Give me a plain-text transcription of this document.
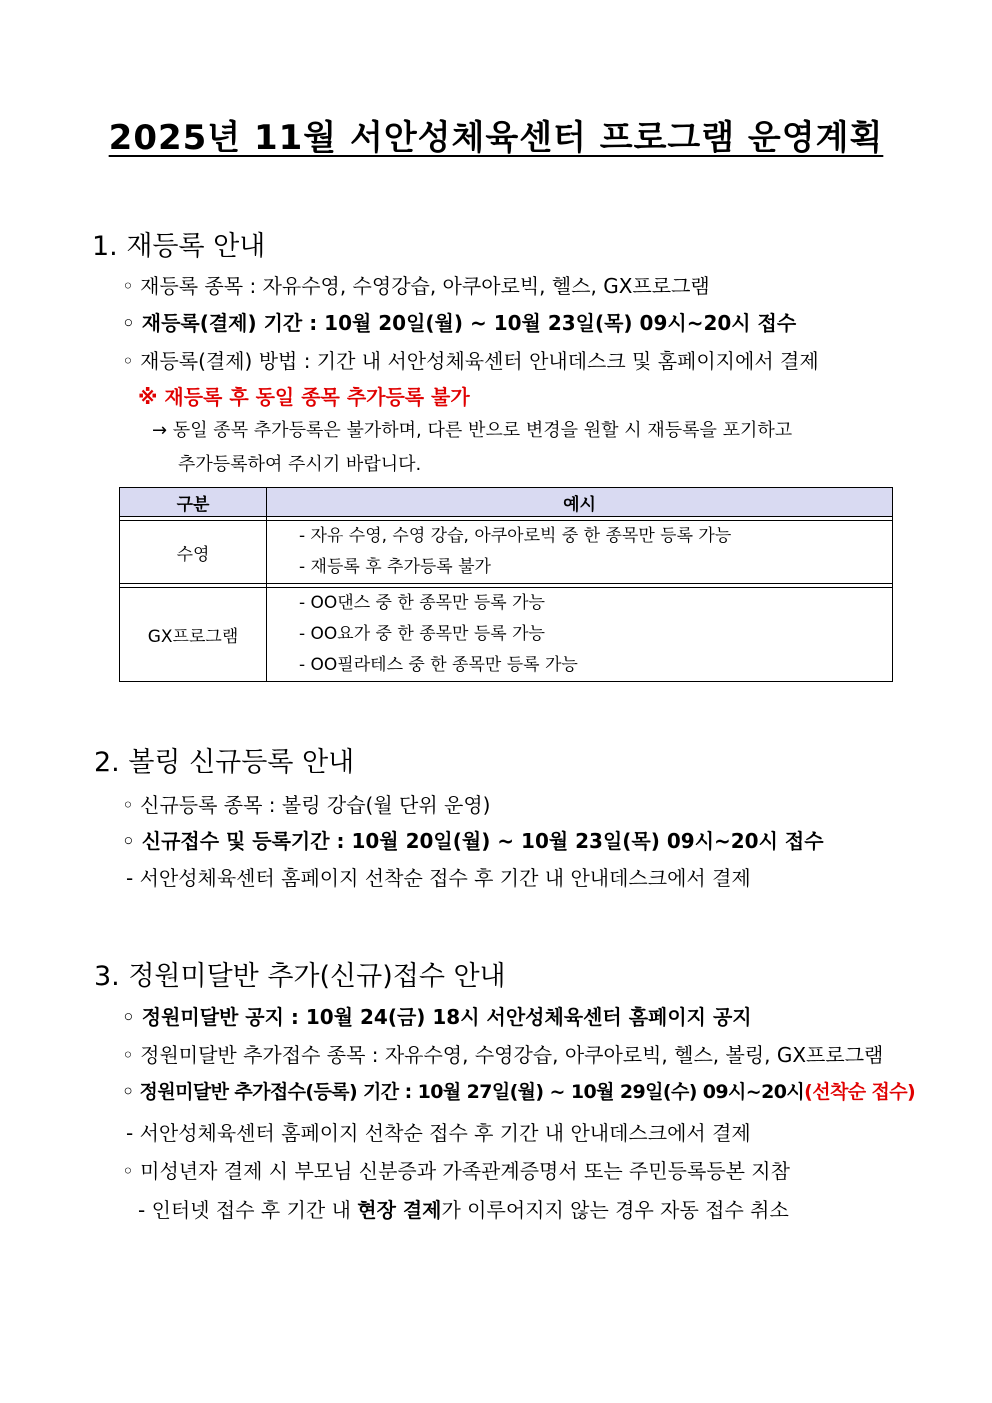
2025년 11월 서안성체육센터 프로그램 운영계획
1. 재등록 안내
◦ 재등록 종목 : 자유수영, 수영강습, 아쿠아로빅, 헬스, GX프로그램
◦ 재등록(결제) 기간 : 10월 20일(월) ~ 10월 23일(목) 09시~20시 접수
◦ 재등록(결제) 방법 : 기간 내 서안성체육센터 안내데스크 및 홈페이지에서 결제
※ 재등록 후 동일 종목 추가등록 불가
→ 동일 종목 추가등록은 불가하며, 다른 반으로 변경을 원할 시 재등록을 포기하고
추가등록하여 주시기 바랍니다.
구분	예시

수영	- 자유 수영, 수영 강습, 아쿠아로빅 중 한 종목만 등록 가능
- 재등록 후 추가등록 불가

GX프로그램	- OO댄스 중 한 종목만 등록 가능
- OO요가 중 한 종목만 등록 가능
- OO필라테스 중 한 종목만 등록 가능
2. 볼링 신규등록 안내
◦ 신규등록 종목 : 볼링 강습(월 단위 운영)
◦ 신규접수 및 등록기간 : 10월 20일(월) ~ 10월 23일(목) 09시~20시 접수
- 서안성체육센터 홈페이지 선착순 접수 후 기간 내 안내데스크에서 결제
3. 정원미달반 추가(신규)접수 안내
◦ 정원미달반 공지 : 10월 24(금) 18시 서안성체육센터 홈페이지 공지
◦ 정원미달반 추가접수 종목 : 자유수영, 수영강습, 아쿠아로빅, 헬스, 볼링, GX프로그램
◦ 정원미달반 추가접수(등록) 기간 : 10월 27일(월) ~ 10월 29일(수) 09시~20시(선착순 접수)
- 서안성체육센터 홈페이지 선착순 접수 후 기간 내 안내데스크에서 결제
◦ 미성년자 결제 시 부모님 신분증과 가족관계증명서 또는 주민등록등본 지참
- 인터넷 접수 후 기간 내 현장 결제가 이루어지지 않는 경우 자동 접수 취소
